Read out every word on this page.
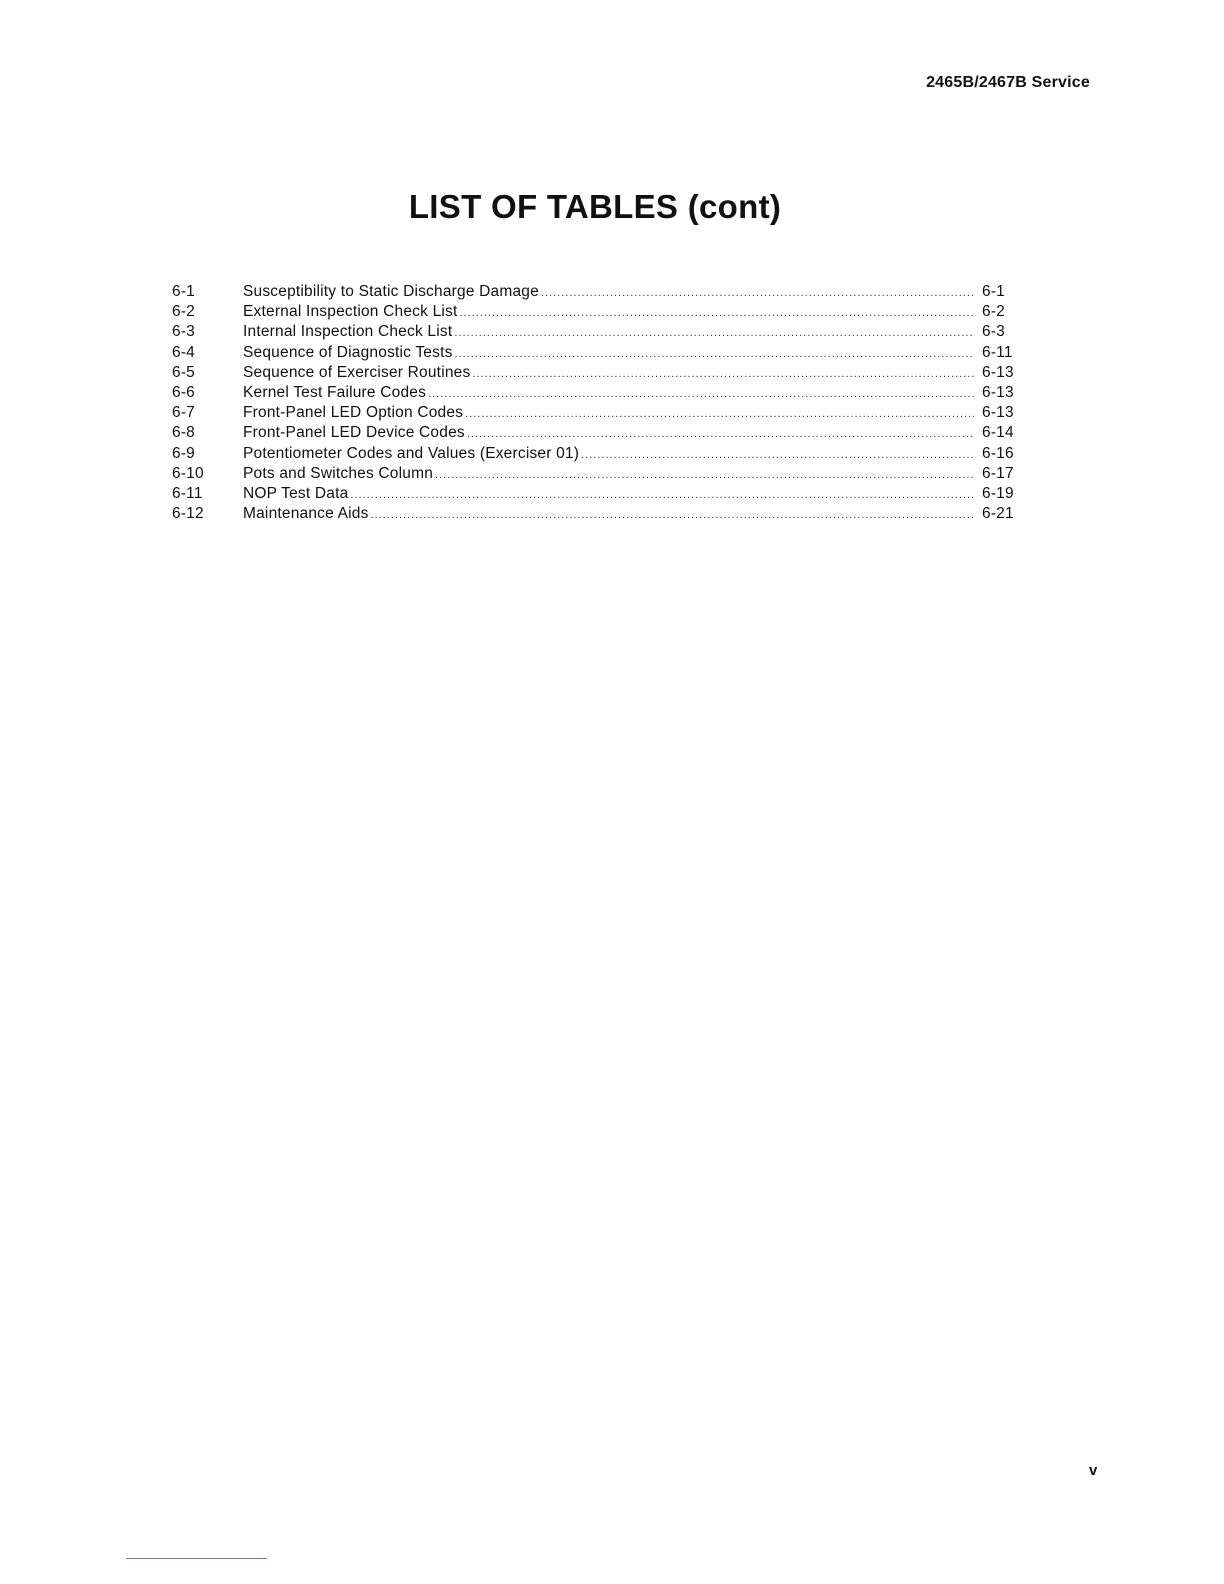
2465B/2467B Service
LIST OF TABLES (cont)
6-1	Susceptibility to Static Discharge Damage .....	6-1
6-2	External Inspection Check List .....	6-2
6-3	Internal Inspection Check List .....	6-3
6-4	Sequence of Diagnostic Tests .....	6-11
6-5	Sequence of Exerciser Routines .....	6-13
6-6	Kernel Test Failure Codes .....	6-13
6-7	Front-Panel LED Option Codes .....	6-13
6-8	Front-Panel LED Device Codes .....	6-14
6-9	Potentiometer Codes and Values (Exerciser 01) .....	6-16
6-10	Pots and Switches Column .....	6-17
6-11	NOP Test Data .....	6-19
6-12	Maintenance Aids .....	6-21
v
